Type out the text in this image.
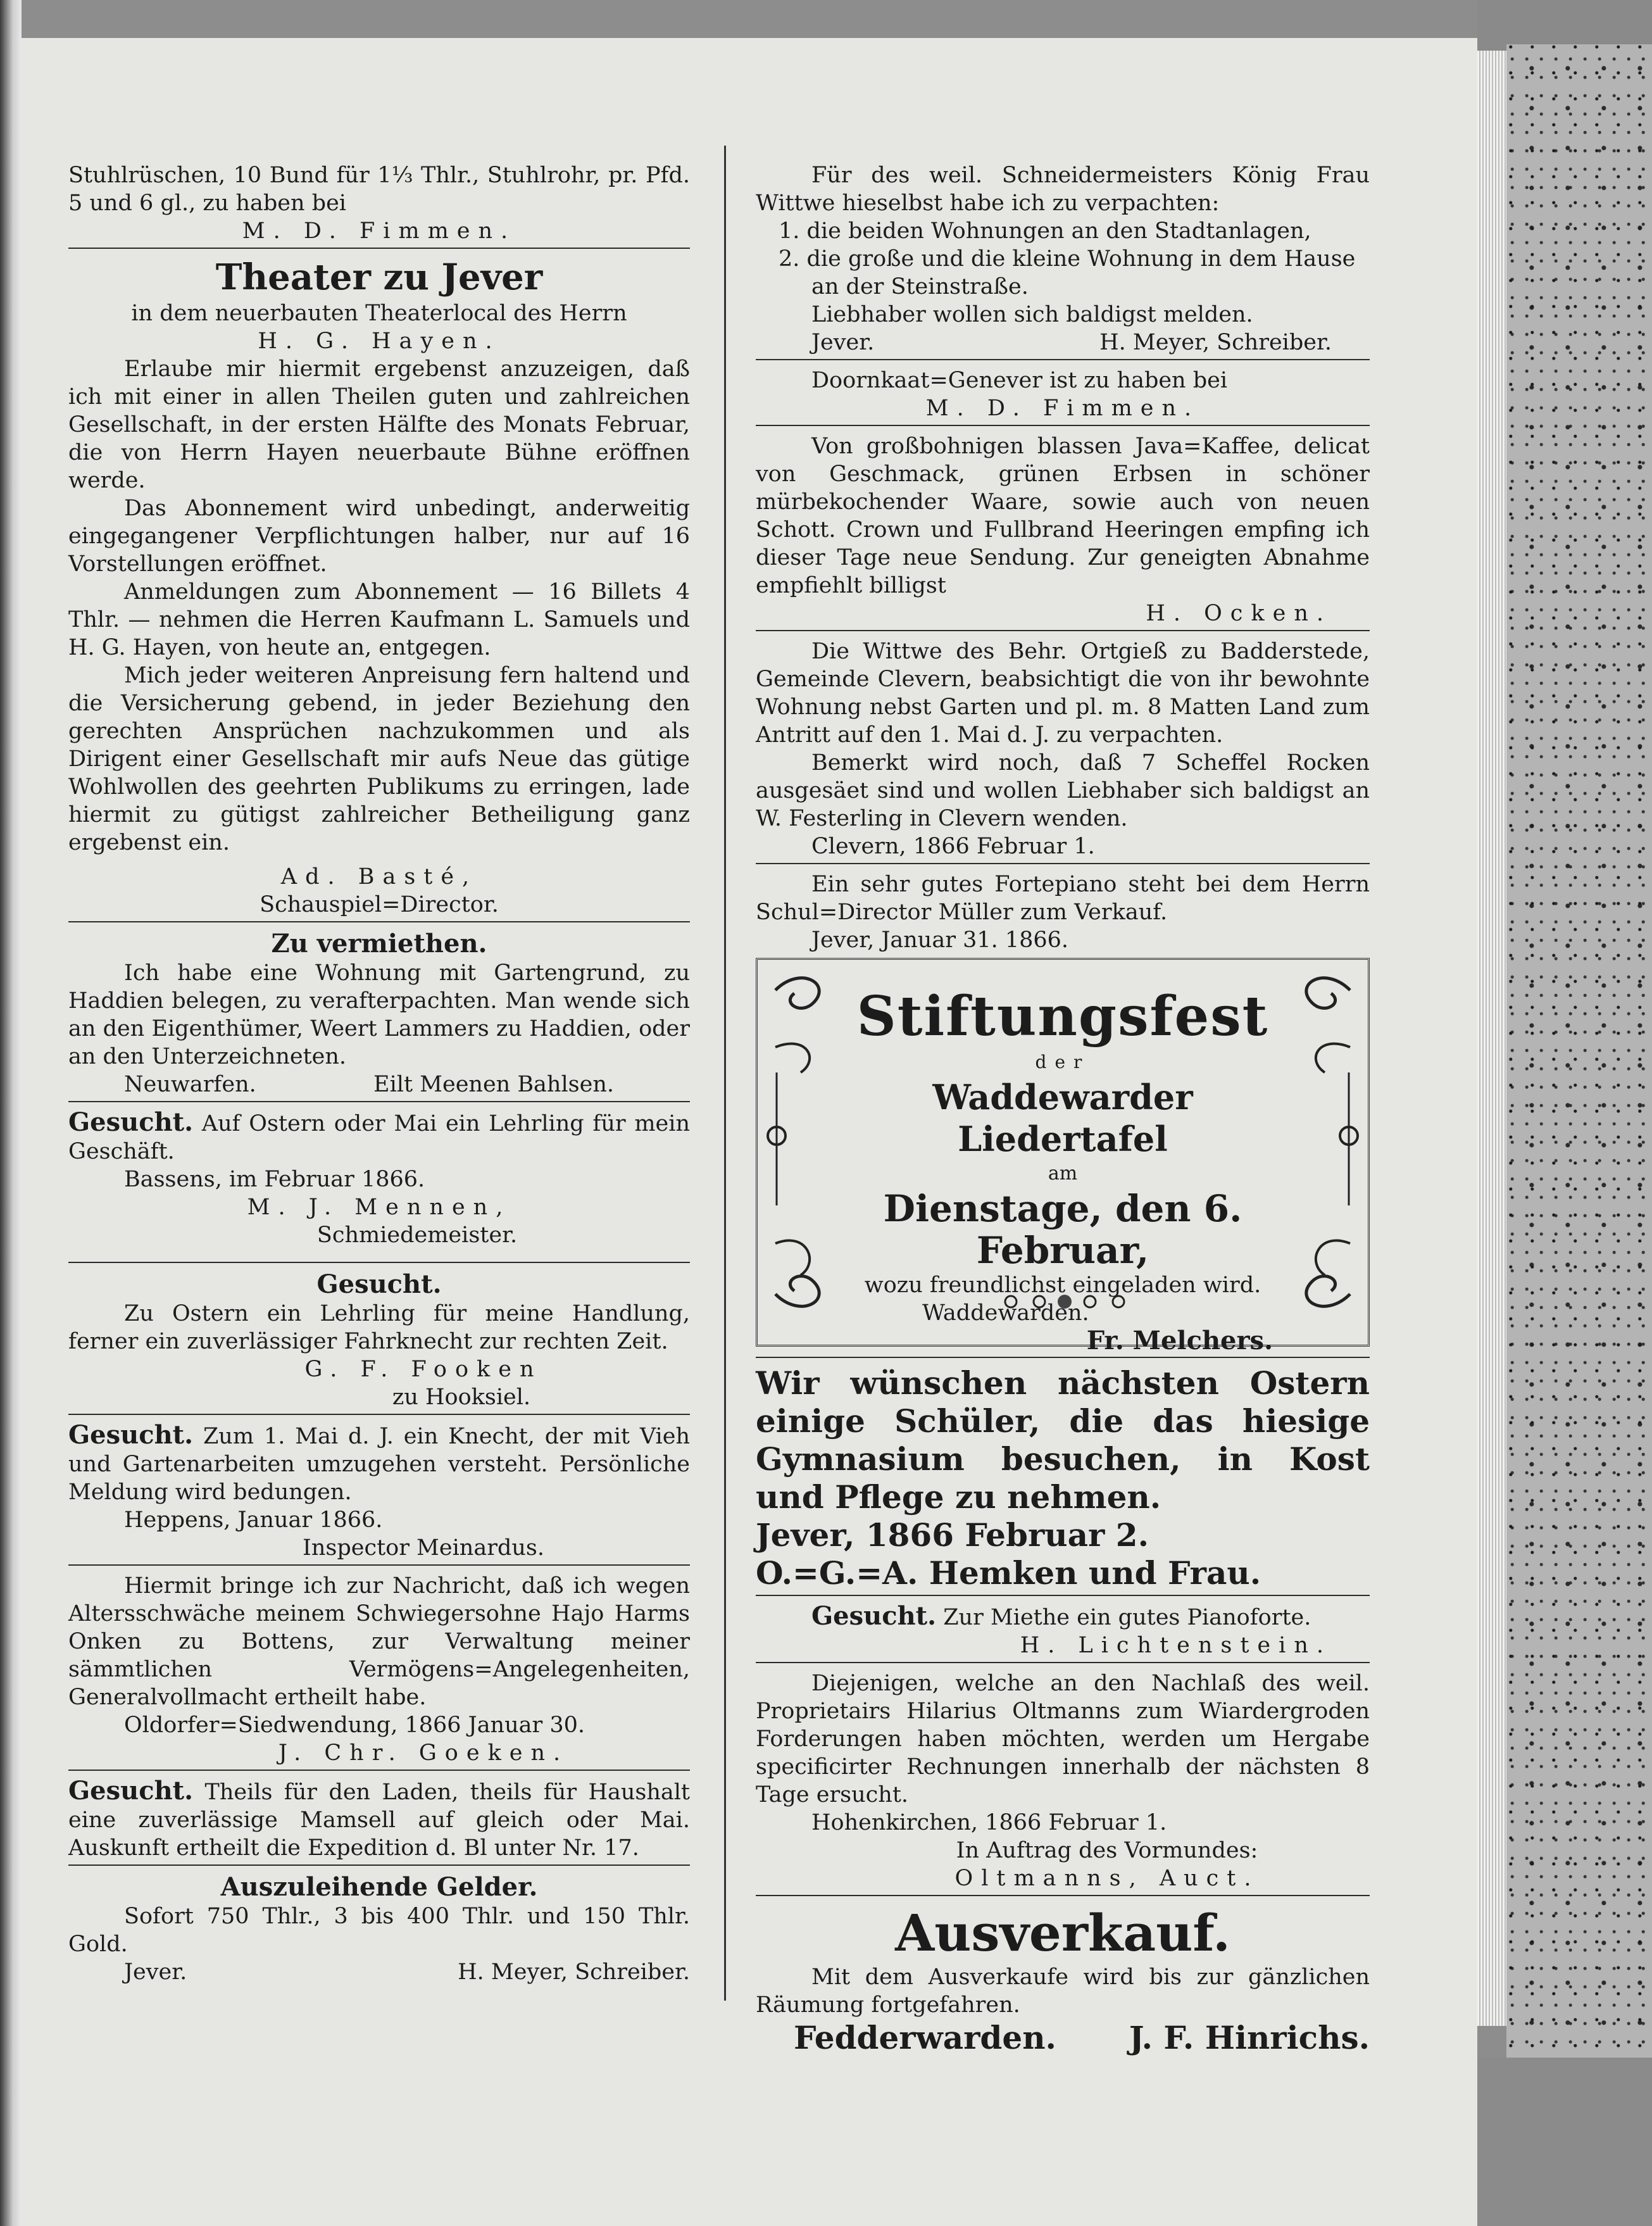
Stuhlrüschen, 10 Bund für 1⅓ Thlr., Stuhlrohr, pr. Pfd. 5 und 6 gl., zu haben bei

M. D. Fimmen.

Theater zu Jever

in dem neuerbauten Theaterlocal des Herrn

H. G. Hayen.

Erlaube mir hiermit ergebenst anzuzeigen, daß ich mit einer in allen Theilen guten und zahlreichen Gesellschaft, in der ersten Hälfte des Monats Februar, die von Herrn Hayen neuerbaute Bühne eröffnen werde.

Das Abonnement wird unbedingt, anderweitig eingegangener Verpflichtungen halber, nur auf 16 Vorstellungen eröffnet.

Anmeldungen zum Abonnement — 16 Billets 4 Thlr. — nehmen die Herren Kaufmann L. Samuels und H. G. Hayen, von heute an, entgegen.

Mich jeder weiteren Anpreisung fern haltend und die Versicherung gebend, in jeder Beziehung den gerechten Ansprüchen nachzukommen und als Dirigent einer Gesellschaft mir aufs Neue das gütige Wohlwollen des geehrten Publikums zu erringen, lade hiermit zu gütigst zahlreicher Betheiligung ganz ergebenst ein.

Ad. Basté,

Schauspiel=Director.

Zu vermiethen.

Ich habe eine Wohnung mit Gartengrund, zu Haddien belegen, zu verafterpachten. Man wende sich an den Eigenthümer, Weert Lammers zu Haddien, oder an den Unterzeichneten.

Neuwarfen.	Eilt Meenen Bahlsen.

Gesucht. Auf Ostern oder Mai ein Lehrling für mein Geschäft.

Bassens, im Februar 1866.

M. J. Mennen,

Schmiedemeister.

Gesucht.

Zu Ostern ein Lehrling für meine Handlung, ferner ein zuverlässiger Fahrknecht zur rechten Zeit.

G. F. Fooken

zu Hooksiel.

Gesucht. Zum 1. Mai d. J. ein Knecht, der mit Vieh und Gartenarbeiten umzugehen versteht. Persönliche Meldung wird bedungen.

Heppens, Januar 1866.

Inspector Meinardus.

Hiermit bringe ich zur Nachricht, daß ich wegen Altersschwäche meinem Schwiegersohne Hajo Harms Onken zu Bottens, zur Verwaltung meiner sämmtlichen Vermögens=Angelegenheiten, Generalvollmacht ertheilt habe.

Oldorfer=Siedwendung, 1866 Januar 30.

J. Chr. Goeken.

Gesucht. Theils für den Laden, theils für Haushalt eine zuverlässige Mamsell auf gleich oder Mai. Auskunft ertheilt die Expedition d. Bl unter Nr. 17.

Auszuleihende Gelder.

Sofort 750 Thlr., 3 bis 400 Thlr. und 150 Thlr. Gold.

Jever.	H. Meyer, Schreiber.

Für des weil. Schneidermeisters König Frau Wittwe hieselbst habe ich zu verpachten:

1. die beiden Wohnungen an den Stadtanlagen,

2. die große und die kleine Wohnung in dem Hause

an der Steinstraße.

Liebhaber wollen sich baldigst melden.

Jever.	H. Meyer, Schreiber.

Doornkaat=Genever ist zu haben bei

M. D. Fimmen.

Von großbohnigen blassen Java=Kaffee, delicat von Geschmack, grünen Erbsen in schöner mürbekochender Waare, sowie auch von neuen Schott. Crown und Fullbrand Heeringen empfing ich dieser Tage neue Sendung. Zur geneigten Abnahme empfiehlt billigst

H. Ocken.

Die Wittwe des Behr. Ortgieß zu Badderstede, Gemeinde Clevern, beabsichtigt die von ihr bewohnte Wohnung nebst Garten und pl. m. 8 Matten Land zum Antritt auf den 1. Mai d. J. zu verpachten.

Bemerkt wird noch, daß 7 Scheffel Rocken ausgesäet sind und wollen Liebhaber sich baldigst an W. Festerling in Clevern wenden.

Clevern, 1866 Februar 1.

Ein sehr gutes Fortepiano steht bei dem Herrn Schul=Director Müller zum Verkauf.

Jever, Januar 31. 1866.

Stiftungsfest

der

Waddewarder Liedertafel

am

Dienstage, den 6. Februar,

wozu freundlichst eingeladen wird.

Waddewarden.

Fr. Melchers.

Wir wünschen nächsten Ostern einige Schüler, die das hiesige Gymnasium besuchen, in Kost und Pflege zu nehmen.

Jever, 1866 Februar 2.

O.=G.=A. Hemken und Frau.

Gesucht. Zur Miethe ein gutes Pianoforte.

H. Lichtenstein.

Diejenigen, welche an den Nachlaß des weil. Proprietairs Hilarius Oltmanns zum Wiardergroden Forderungen haben möchten, werden um Hergabe specificirter Rechnungen innerhalb der nächsten 8 Tage ersucht.

Hohenkirchen, 1866 Februar 1.

In Auftrag des Vormundes:

Oltmanns, Auct.

Ausverkauf.

Mit dem Ausverkaufe wird bis zur gänzlichen Räumung fortgefahren.

Fedderwarden. J. F. Hinrichs.
